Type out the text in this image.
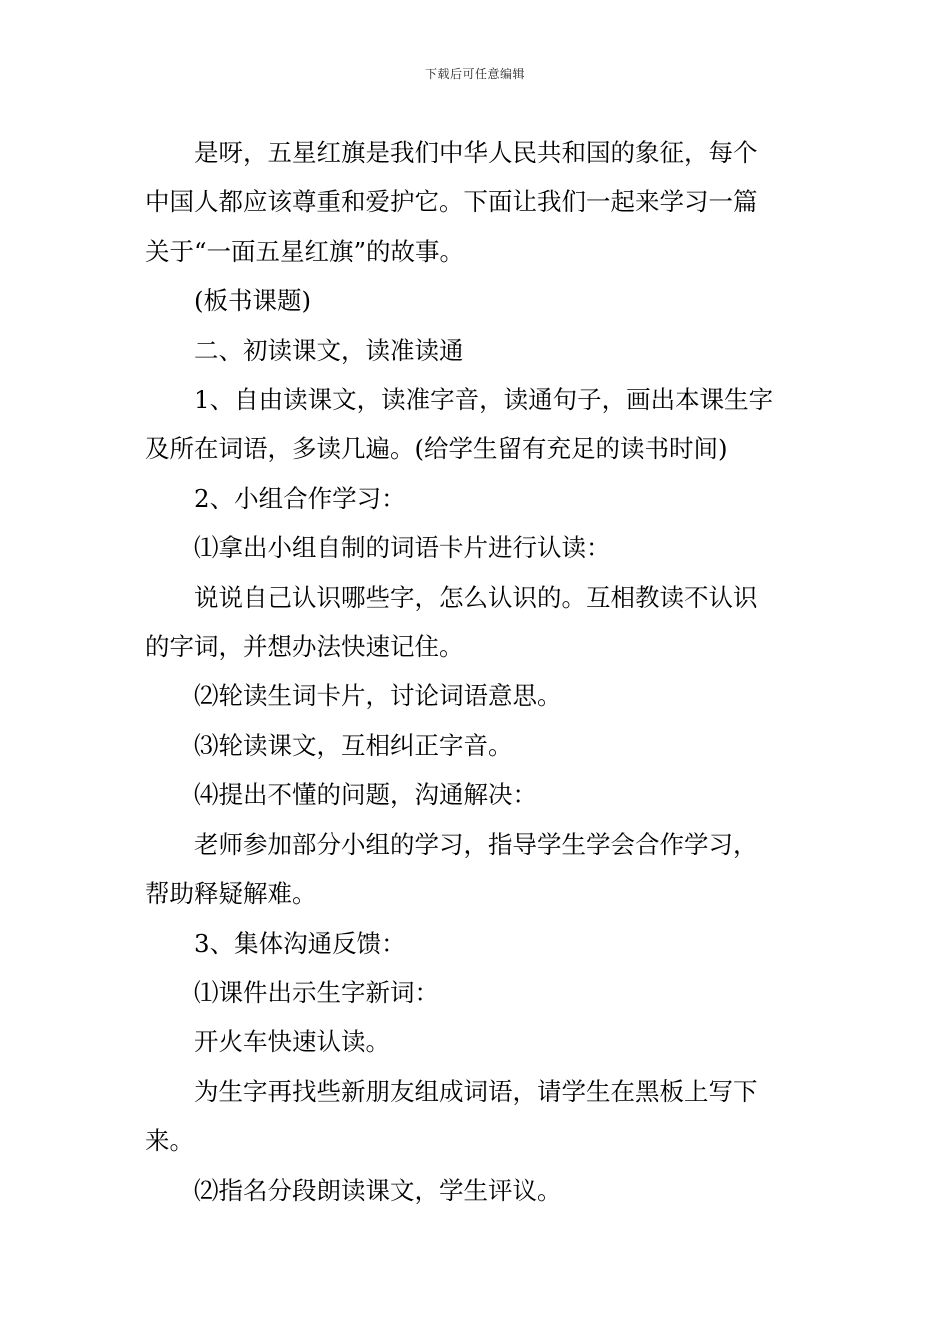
下载后可任意编辑

是呀，五星红旗是我们中华人民共和国的象征，每个
中国人都应该尊重和爱护它。下面让我们一起来学习一篇
关于“一面五星红旗”的故事。

(板书课题)

二、初读课文，读准读通

1、自由读课文，读准字音，读通句子，画出本课生字
及所在词语，多读几遍。(给学生留有充足的读书时间)

2、小组合作学习：

⑴拿出小组自制的词语卡片进行认读：

说说自己认识哪些字，怎么认识的。互相教读不认识
的字词，并想办法快速记住。

⑵轮读生词卡片，讨论词语意思。

⑶轮读课文，互相纠正字音。

⑷提出不懂的问题，沟通解决：

老师参加部分小组的学习，指导学生学会合作学习，
帮助释疑解难。

3、集体沟通反馈：

⑴课件出示生字新词：

开火车快速认读。

为生字再找些新朋友组成词语，请学生在黑板上写下
来。

⑵指名分段朗读课文，学生评议。
